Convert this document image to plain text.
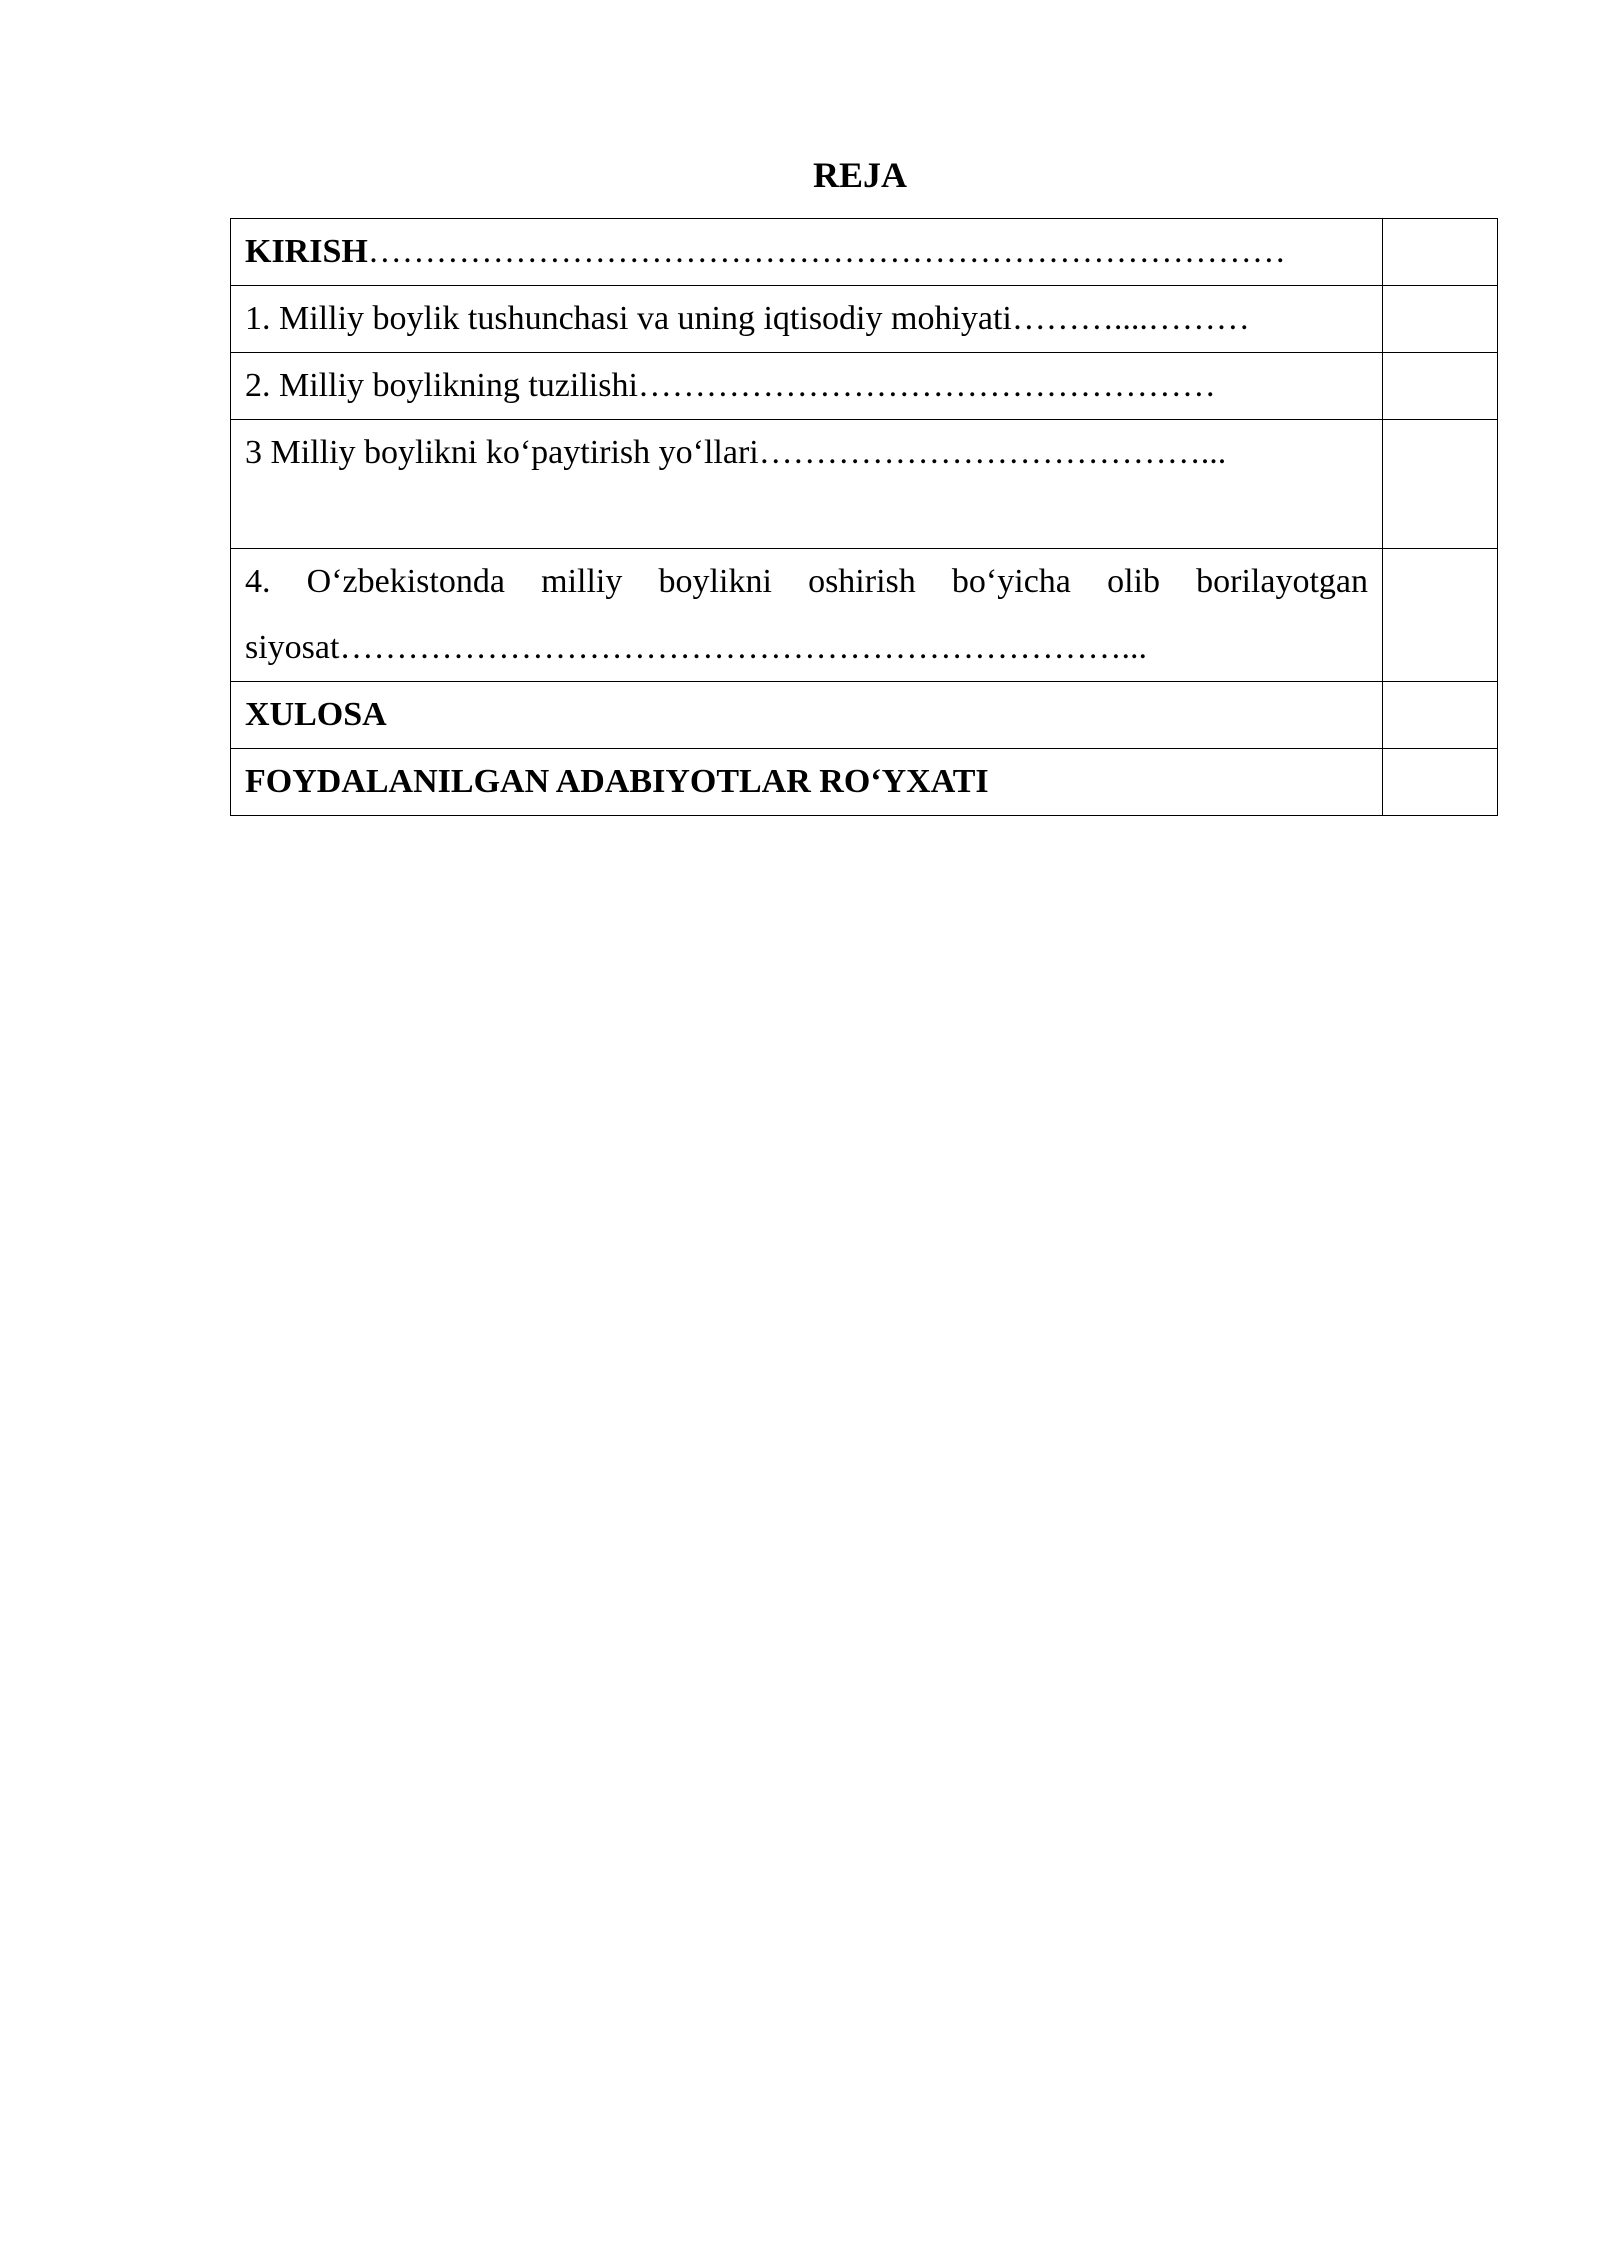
REJA
KIRISH………………………………………………………………………	
1. Milliy boylik tushunchasi va uning iqtisodiy mohiyati………....………	
2. Milliy boylikning tuzilishi……………………………………………	

3 Milliy boylikni ko‘paytirish yo‘llari…………………………………...	

4. O‘zbekistonda milliy boylikni oshirish bo‘yicha olib borilayotgan siyosat……………………………………………………………...	

XULOSA	
FOYDALANILGAN ADABIYOTLAR RO‘YXATI	
